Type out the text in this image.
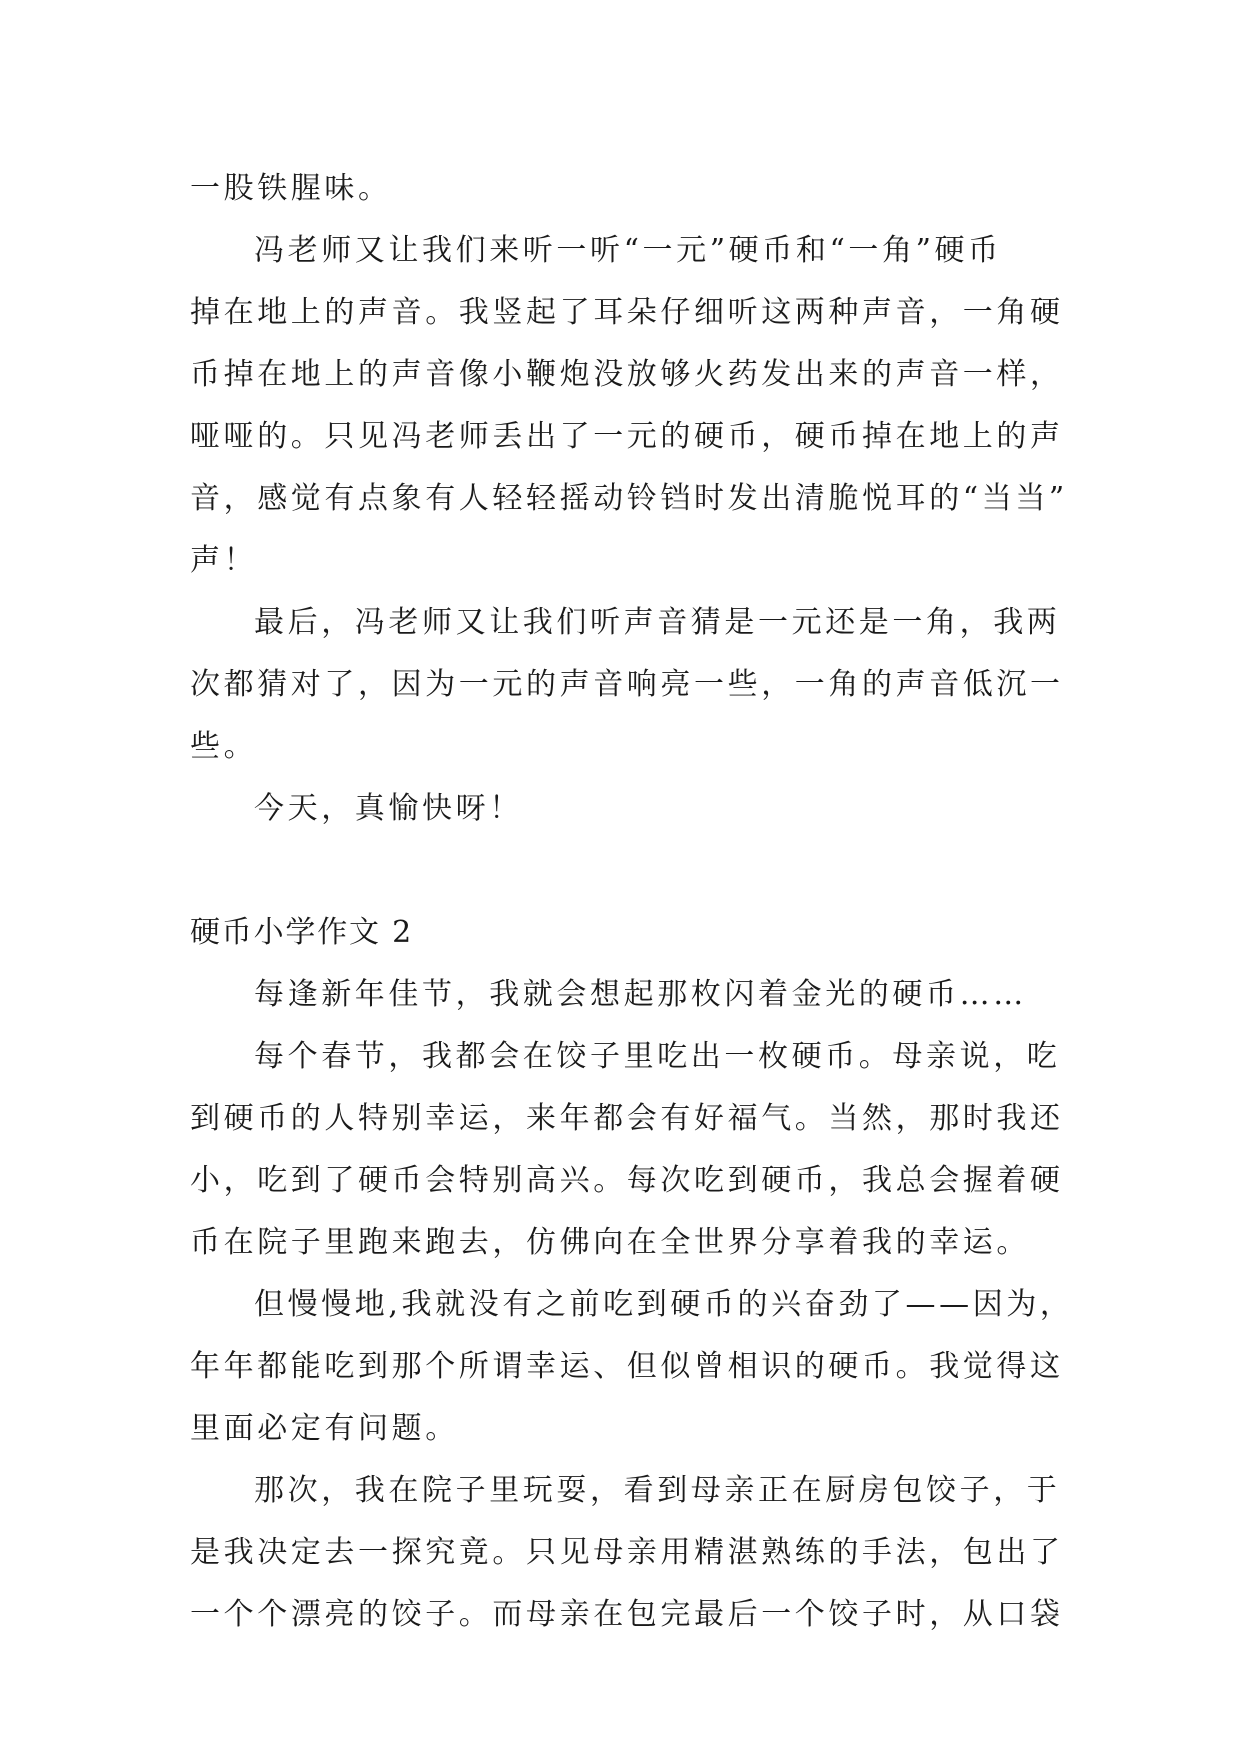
一股铁腥味。
冯老师又让我们来听一听“一元”硬币和“一角”硬币
掉在地上的声音。我竖起了耳朵仔细听这两种声音，一角硬
币掉在地上的声音像小鞭炮没放够火药发出来的声音一样，
哑哑的。只见冯老师丢出了一元的硬币，硬币掉在地上的声
音，感觉有点象有人轻轻摇动铃铛时发出清脆悦耳的“当当”
声！
最后，冯老师又让我们听声音猜是一元还是一角，我两
次都猜对了，因为一元的声音响亮一些，一角的声音低沉一
些。
今天，真愉快呀！
硬币小学作文 2
每逢新年佳节，我就会想起那枚闪着金光的硬币……
每个春节，我都会在饺子里吃出一枚硬币。母亲说，吃
到硬币的人特别幸运，来年都会有好福气。当然，那时我还
小，吃到了硬币会特别高兴。每次吃到硬币，我总会握着硬
币在院子里跑来跑去，仿佛向在全世界分享着我的幸运。
但慢慢地,我就没有之前吃到硬币的兴奋劲了——因为，
年年都能吃到那个所谓幸运、但似曾相识的硬币。我觉得这
里面必定有问题。
那次，我在院子里玩耍，看到母亲正在厨房包饺子，于
是我决定去一探究竟。只见母亲用精湛熟练的手法，包出了
一个个漂亮的饺子。而母亲在包完最后一个饺子时，从口袋
